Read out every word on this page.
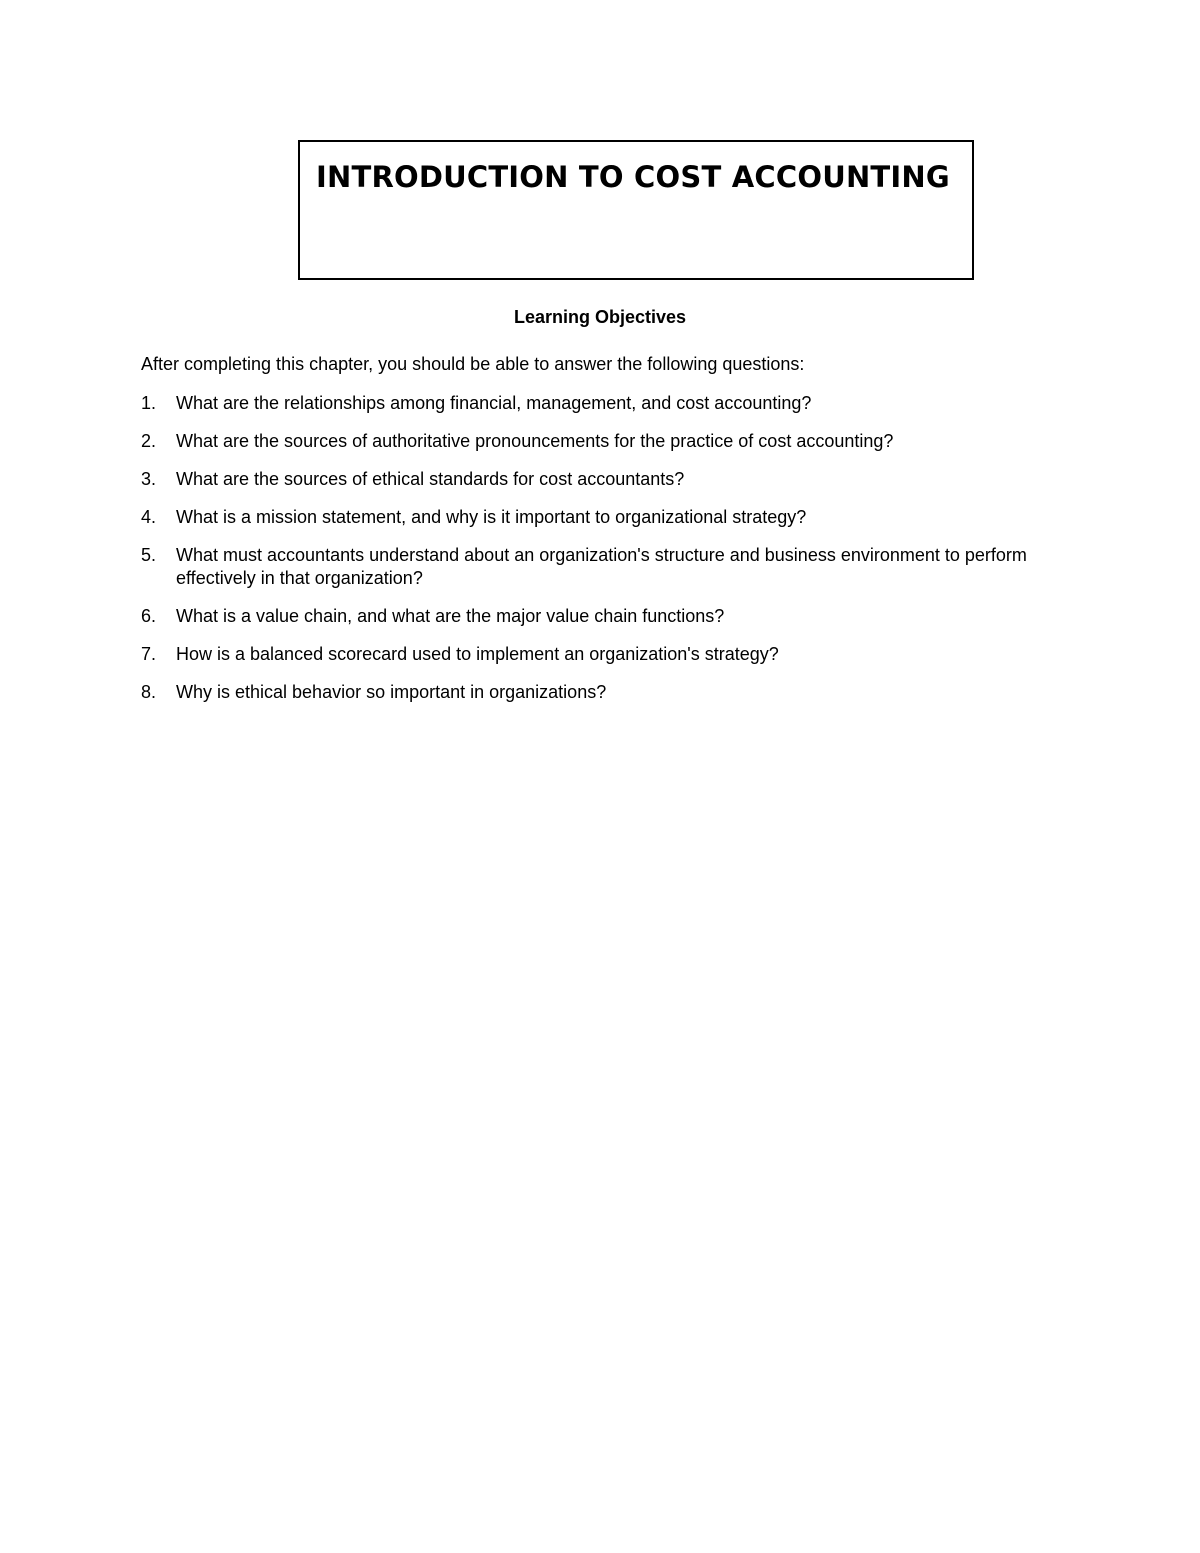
INTRODUCTION TO COST ACCOUNTING
Learning Objectives
After completing this chapter, you should be able to answer the following questions:
1. What are the relationships among financial, management, and cost accounting?
2. What are the sources of authoritative pronouncements for the practice of cost accounting?
3. What are the sources of ethical standards for cost accountants?
4. What is a mission statement, and why is it important to organizational strategy?
5. What must accountants understand about an organization's structure and business environment to perform effectively in that organization?
6. What is a value chain, and what are the major value chain functions?
7. How is a balanced scorecard used to implement an organization's strategy?
8. Why is ethical behavior so important in organizations?
